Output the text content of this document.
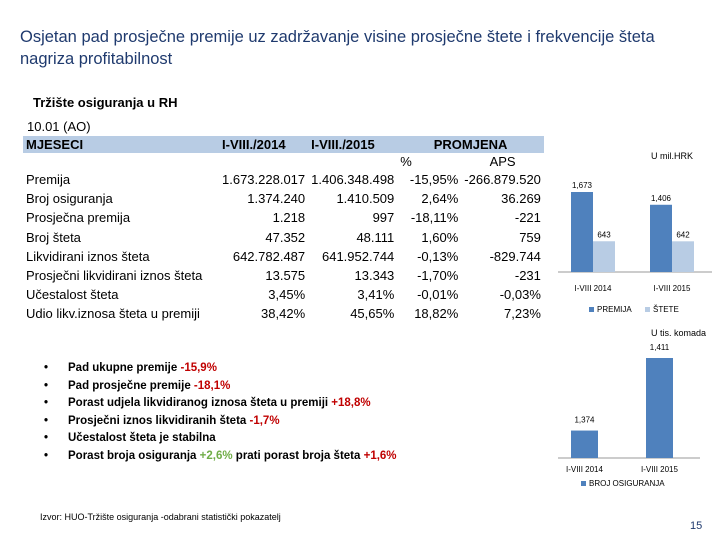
Osjetan pad prosječne premije uz zadržavanje visine prosječne štete i frekvencije šteta nagriza profitabilnost
Tržište osiguranja u RH
10.01 (AO)
MJESECI	I-VIII./2014	I-VIII./2015	PROMJENA	
			%	APS
Premija	1.673.228.017	1.406.348.498	-15,95%	-266.879.520
Broj osiguranja	1.374.240	1.410.509	2,64%	36.269
Prosječna premija	1.218	997	-18,11%	-221
Broj šteta	47.352	48.111	1,60%	759
Likvidirani iznos šteta	642.782.487	641.952.744	-0,13%	-829.744
Prosječni likvidirani iznos šteta	13.575	13.343	-1,70%	-231
Učestalost šteta	3,45%	3,41%	-0,01%	-0,03%
Udio likv.iznosa šteta u premiji	38,42%	45,65%	18,82%	7,23%
• Pad ukupne premije -15,9%
• Pad prosječne premije -18,1%
• Porast udjela likvidiranog iznosa šteta u premiji +18,8%
• Prosječni iznos likvidiranih šteta -1,7%
• Učestalost šteta je stabilna
• Porast broja osiguranja +2,6% prati porast broja šteta +1,6%
U mil.HRK
U tis. komada
1,673
1,406
643	642
I-VIII 2014	I-VIII 2015
PREMIJA	ŠTETE
1,374
I-VIII 2014
1,411
I-VIII 2015
BROJ OSIGURANJA
Izvor: HUO-Tržište osiguranja -odabrani statistički pokazatelj
15
